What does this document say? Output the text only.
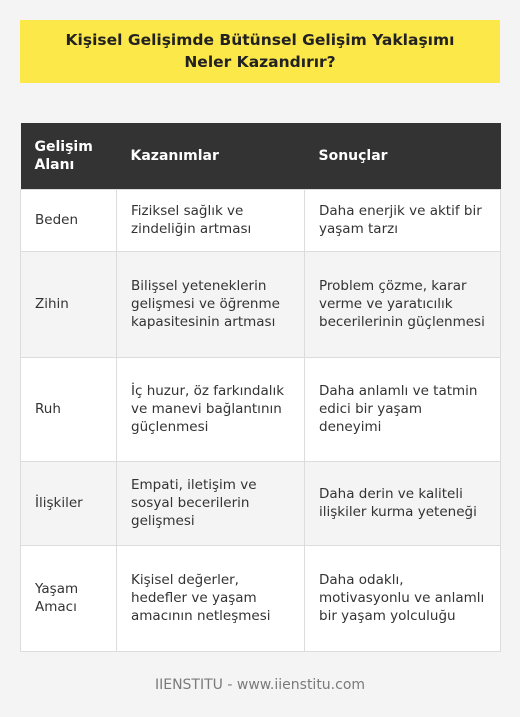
Kişisel Gelişimde Bütünsel Gelişim Yaklaşımı Neler Kazandırır?
Gelişim Alanı	Kazanımlar	Sonuçlar
Beden	Fiziksel sağlık ve zindeliğin artması	Daha enerjik ve aktif bir yaşam tarzı
Zihin	Bilişsel yeteneklerin gelişmesi ve öğrenme kapasitesinin artması	Problem çözme, karar verme ve yaratıcılık becerilerinin güçlenmesi
Ruh	İç huzur, öz farkındalık ve manevi bağlantının güçlenmesi	Daha anlamlı ve tatmin edici bir yaşam deneyimi
İlişkiler	Empati, iletişim ve sosyal becerilerin gelişmesi	Daha derin ve kaliteli ilişkiler kurma yeteneği
Yaşam Amacı	Kişisel değerler, hedefler ve yaşam amacının netleşmesi	Daha odaklı, motivasyonlu ve anlamlı bir yaşam yolculuğu
IIENSTITU - www.iienstitu.com
